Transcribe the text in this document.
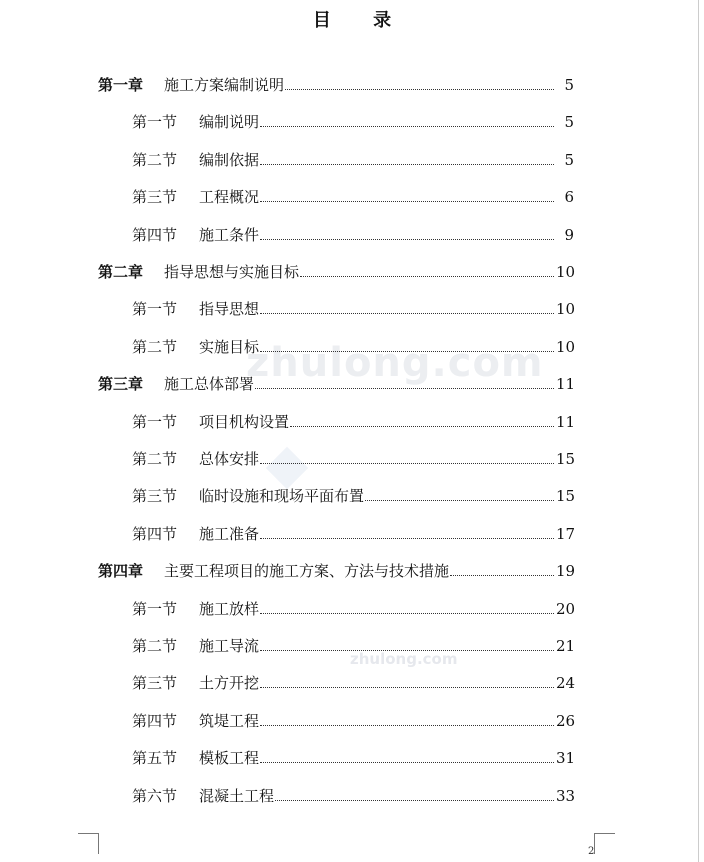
目 录
zhulong.com
zhulong.com
第一章	施工方案编制说明	5
第一节	编制说明	5
第二节	编制依据	5
第三节	工程概况	6
第四节	施工条件	9
第二章	指导思想与实施目标	10
第一节	指导思想	10
第二节	实施目标	10
第三章	施工总体部署	11
第一节	项目机构设置	11
第二节	总体安排	15
第三节	临时设施和现场平面布置	15
第四节	施工准备	17
第四章	主要工程项目的施工方案、方法与技术措施	19
第一节	施工放样	20
第二节	施工导流	21
第三节	土方开挖	24
第四节	筑堤工程	26
第五节	模板工程	31
第六节	混凝土工程	33
2
